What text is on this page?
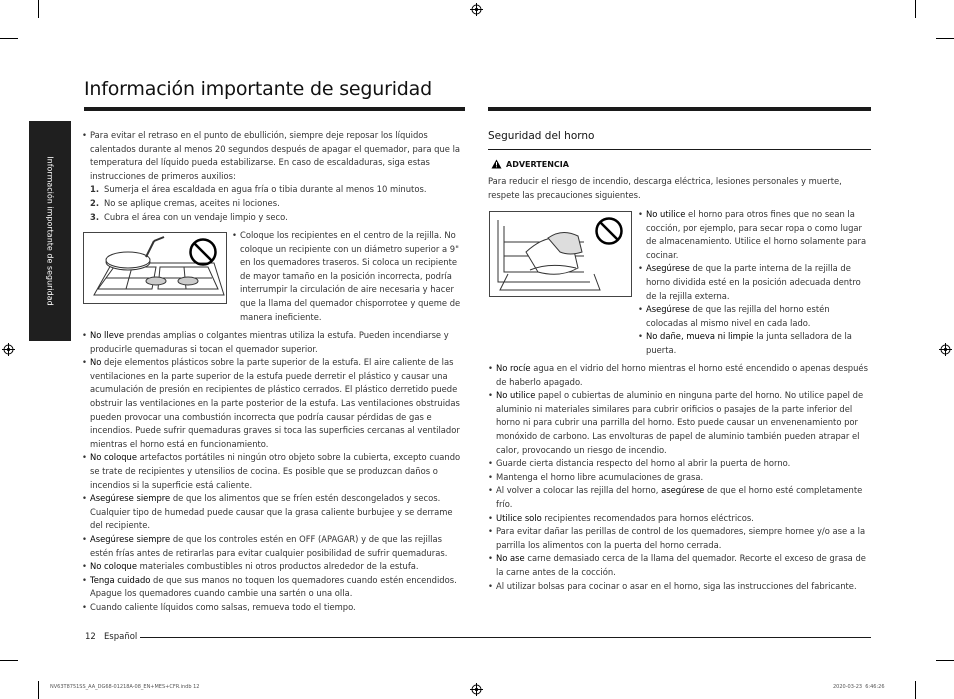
Información importante de seguridad
Información importante de seguridad

• Para evitar el retraso en el punto de ebullición, siempre deje reposar los líquidos calentados durante al menos 20 segundos después de apagar el quemador, para que la temperatura del líquido pueda estabilizarse. En caso de escaldaduras, siga estas instrucciones de primeros auxilios:

1. Sumerja el área escaldada en agua fría o tibia durante al menos 10 minutos.

2. No se aplique cremas, aceites ni lociones.

3. Cubra el área con un vendaje limpio y seco.

• Coloque los recipientes en el centro de la rejilla. No coloque un recipiente con un diámetro superior a 9" en los quemadores traseros. Si coloca un recipiente de mayor tamaño en la posición incorrecta, podría interrumpir la circulación de aire necesaria y hacer que la llama del quemador chisporrotee y queme de manera ineficiente.

• No lleve prendas amplias o colgantes mientras utiliza la estufa. Pueden incendiarse y producirle quemaduras si tocan el quemador superior.

• No deje elementos plásticos sobre la parte superior de la estufa. El aire caliente de las ventilaciones en la parte superior de la estufa puede derretir el plástico y causar una acumulación de presión en recipientes de plástico cerrados. El plástico derretido puede obstruir las ventilaciones en la parte posterior de la estufa. Las ventilaciones obstruidas pueden provocar una combustión incorrecta que podría causar pérdidas de gas e incendios. Puede sufrir quemaduras graves si toca las superficies cercanas al ventilador mientras el horno está en funcionamiento.

• No coloque artefactos portátiles ni ningún otro objeto sobre la cubierta, excepto cuando se trate de recipientes y utensilios de cocina. Es posible que se produzcan daños o incendios si la superficie está caliente.

• Asegúrese siempre de que los alimentos que se fríen estén descongelados y secos. Cualquier tipo de humedad puede causar que la grasa caliente burbujee y se derrame del recipiente.

• Asegúrese siempre de que los controles estén en OFF (APAGAR) y de que las rejillas estén frías antes de retirarlas para evitar cualquier posibilidad de sufrir quemaduras.

• No coloque materiales combustibles ni otros productos alrededor de la estufa.

• Tenga cuidado de que sus manos no toquen los quemadores cuando estén encendidos. Apague los quemadores cuando cambie una sartén o una olla.

• Cuando caliente líquidos como salsas, remueva todo el tiempo.

Seguridad del horno
ADVERTENCIA

Para reducir el riesgo de incendio, descarga eléctrica, lesiones personales y muerte, respete las precauciones siguientes.

• No utilice el horno para otros fines que no sean la cocción, por ejemplo, para secar ropa o como lugar de almacenamiento. Utilice el horno solamente para cocinar.

• Asegúrese de que la parte interna de la rejilla de horno dividida esté en la posición adecuada dentro de la rejilla externa.

• Asegúrese de que las rejilla del horno estén colocadas al mismo nivel en cada lado.

• No dañe, mueva ni limpie la junta selladora de la puerta.

• No rocíe agua en el vidrio del horno mientras el horno esté encendido o apenas después de haberlo apagado.

• No utilice papel o cubiertas de aluminio en ninguna parte del horno. No utilice papel de aluminio ni materiales similares para cubrir orificios o pasajes de la parte inferior del horno ni para cubrir una parrilla del horno. Esto puede causar un envenenamiento por monóxido de carbono. Las envolturas de papel de aluminio también pueden atrapar el calor, provocando un riesgo de incendio.

• Guarde cierta distancia respecto del horno al abrir la puerta de horno.

• Mantenga el horno libre acumulaciones de grasa.

• Al volver a colocar las rejilla del horno, asegúrese de que el horno esté completamente frío.

• Utilice solo recipientes recomendados para hornos eléctricos.

• Para evitar dañar las perillas de control de los quemadores, siempre hornee y/o ase a la parrilla los alimentos con la puerta del horno cerrada.

• No ase carne demasiado cerca de la llama del quemador. Recorte el exceso de grasa de la carne antes de la cocción.

• Al utilizar bolsas para cocinar o asar en el horno, siga las instrucciones del fabricante.

12 Español
NV63T8751SS_AA_DG68-01218A-08_EN+MES+CFR.indb 12	2020-03-23 ￼ 6:46:26
